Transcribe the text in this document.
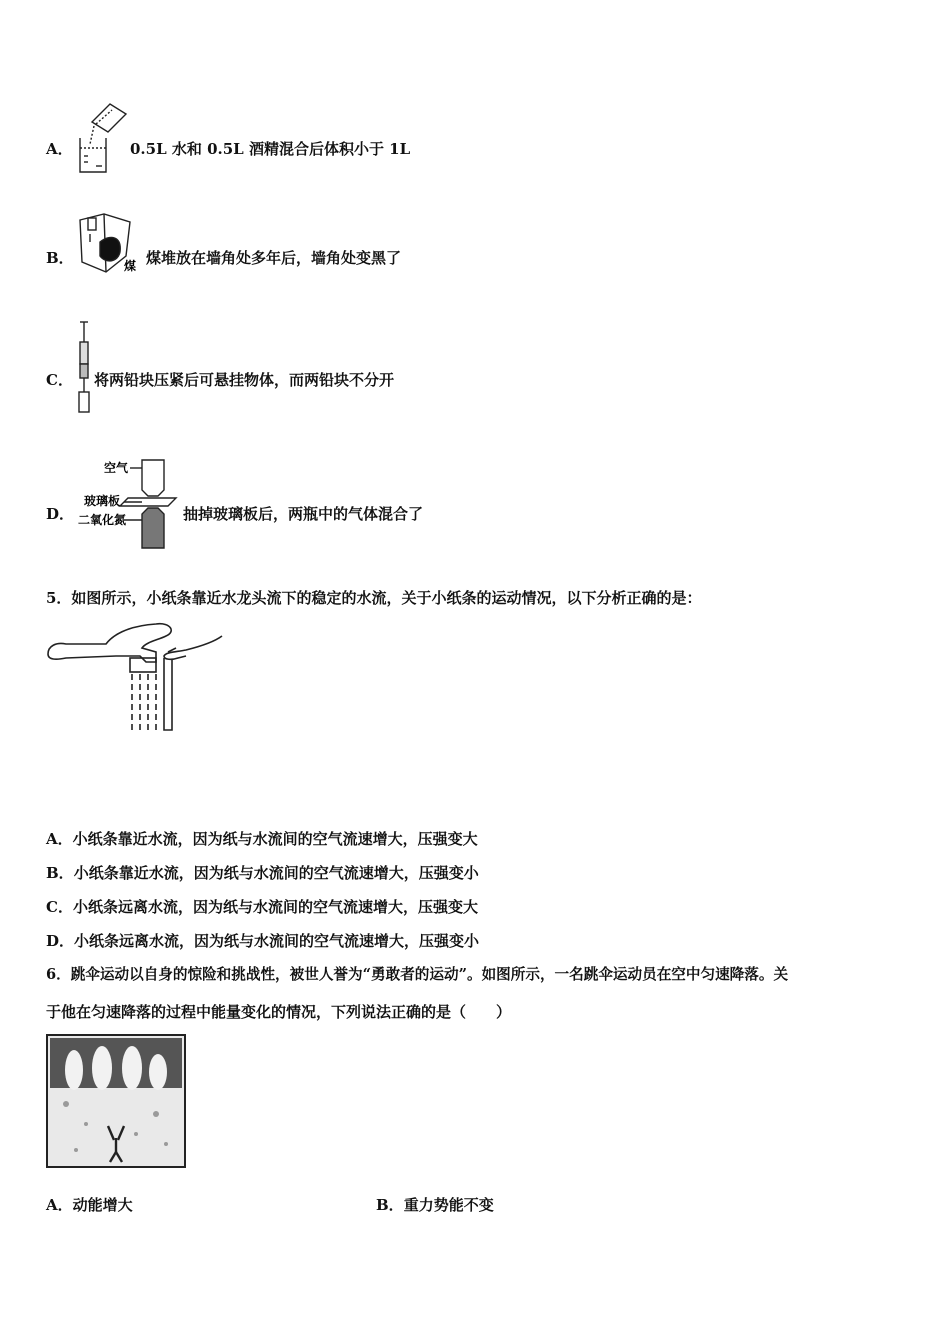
A．	0.5L 水和 0.5L 酒精混合后体积小于 1L
B．	煤 煤堆放在墙角处多年后，墙角处变黑了
C． 将两铅块压紧后可悬挂物体，而两铅块不分开
D．
空气
玻璃板
二氧化氮	抽掉玻璃板后，两瓶中的气体混合了
5．如图所示，小纸条靠近水龙头流下的稳定的水流，关于小纸条的运动情况，以下分析正确的是：
A．小纸条靠近水流，因为纸与水流间的空气流速增大，压强变大
B．小纸条靠近水流，因为纸与水流间的空气流速增大，压强变小
C．小纸条远离水流，因为纸与水流间的空气流速增大，压强变大
D．小纸条远离水流，因为纸与水流间的空气流速增大，压强变小
6．跳伞运动以自身的惊险和挑战性，被世人誉为“勇敢者的运动”。如图所示，一名跳伞运动员在空中匀速降落。关
于他在匀速降落的过程中能量变化的情况，下列说法正确的是（　　）
A．动能增大	B．重力势能不变
